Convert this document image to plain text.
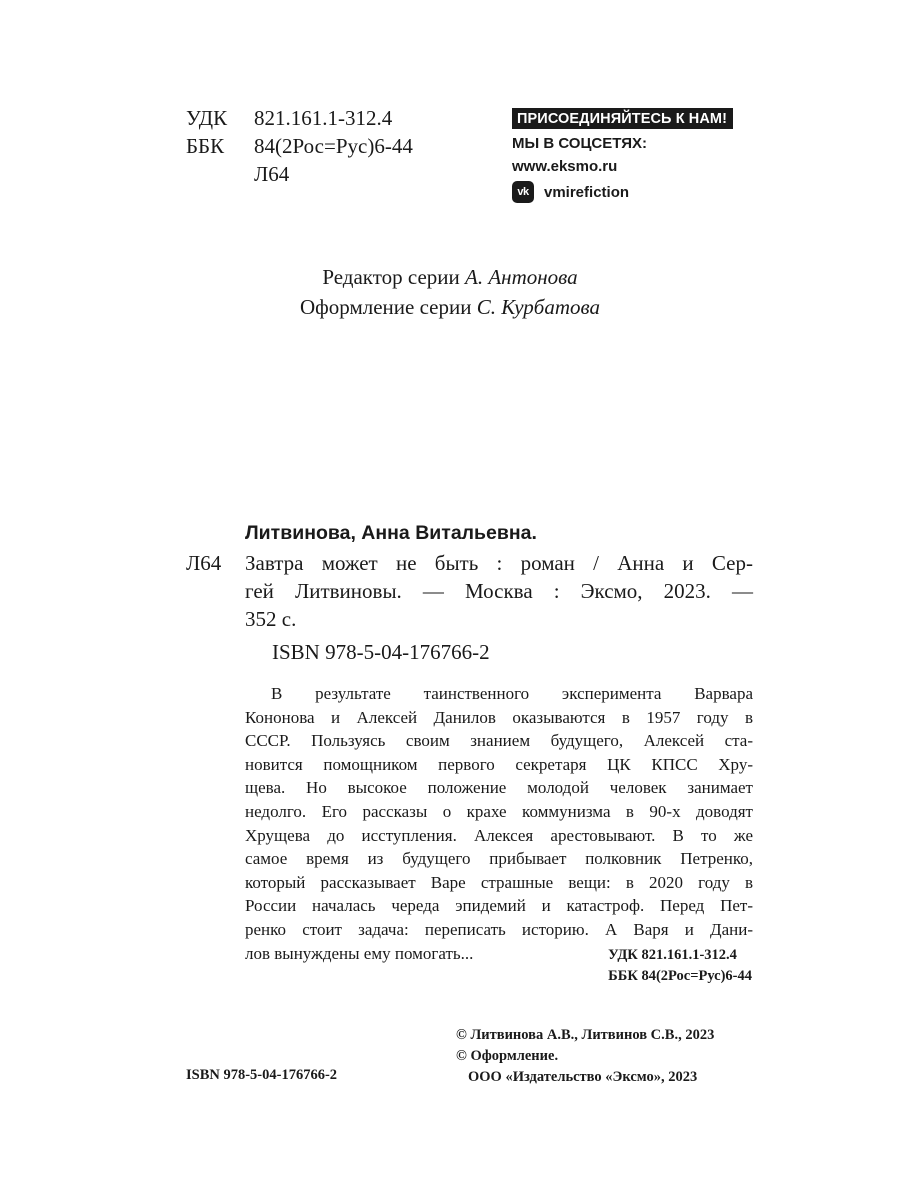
УДК	821.161.1-312.4
ББК	84(2Рос=Рус)6-44
Л64
ПРИСОЕДИНЯЙТЕСЬ К НАМ!
МЫ В СОЦСЕТЯХ:
www.eksmo.ru
vk	vmirefiction
Редактор серии А. Антонова
Оформление серии С. Курбатова
Литвинова, Анна Витальевна.
Л64 Завтра может не быть : роман / Анна и Сер-
гей Литвиновы. — Москва : Эксмо, 2023. —
352 с.
ISBN 978-5-04-176766-2
В результате таинственного эксперимента Варвара
Кононова и Алексей Данилов оказываются в 1957 году в
СССР. Пользуясь своим знанием будущего, Алексей ста-
новится помощником первого секретаря ЦК КПСС Хру-
щева. Но высокое положение молодой человек занимает
недолго. Его рассказы о крахе коммунизма в 90-х доводят
Хрущева до исступления. Алексея арестовывают. В то же
самое время из будущего прибывает полковник Петренко,
который рассказывает Варе страшные вещи: в 2020 году в
России началась череда эпидемий и катастроф. Перед Пет-
ренко стоит задача: переписать историю. А Варя и Дани-
лов вынуждены ему помогать...	УДК 821.161.1-312.4
ББК 84(2Рос=Рус)6-44
© Литвинова А.В., Литвинов С.В., 2023
© Оформление.
ООО «Издательство «Эксмо», 2023
ISBN 978-5-04-176766-2
